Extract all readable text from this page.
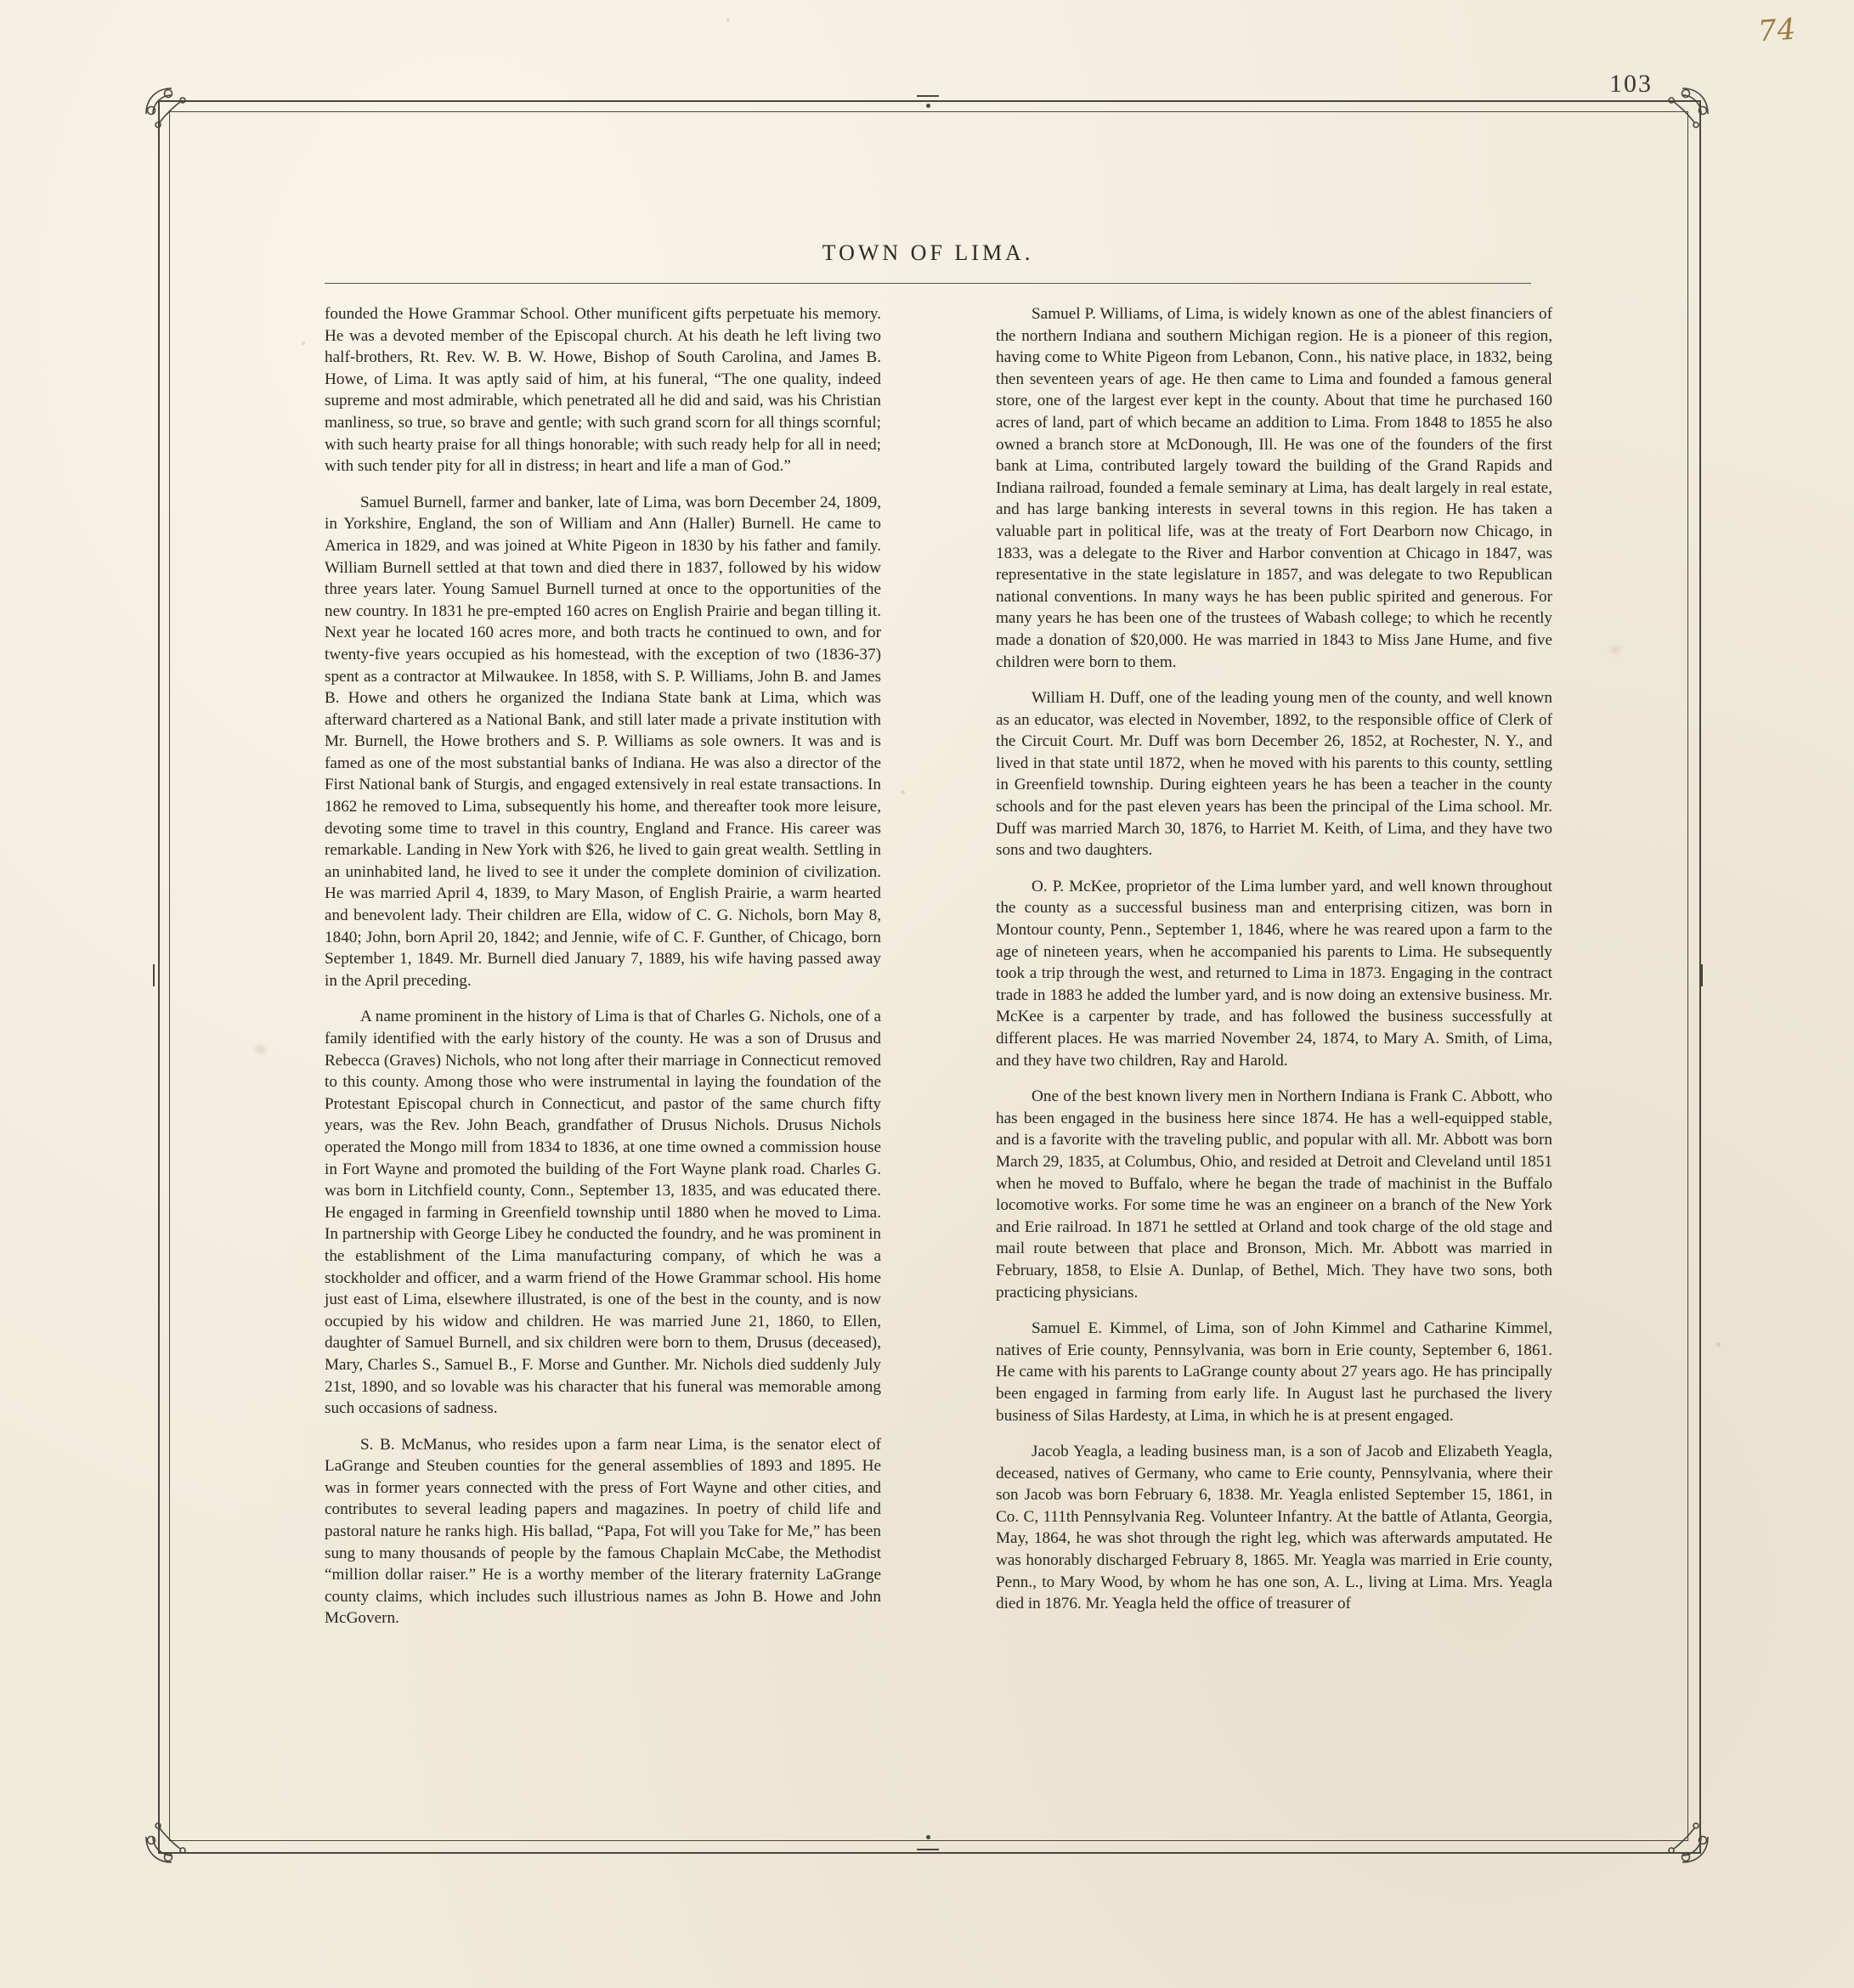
74
103
TOWN OF LIMA.

founded the Howe Grammar School. Other munificent gifts perpetuate his memory. He was a devoted member of the Episcopal church. At his death he left living two half-brothers, Rt. Rev. W. B. W. Howe, Bishop of South Carolina, and James B. Howe, of Lima. It was aptly said of him, at his funeral, “The one quality, indeed supreme and most admirable, which penetrated all he did and said, was his Christian manliness, so true, so brave and gentle; with such grand scorn for all things scornful; with such hearty praise for all things honorable; with such ready help for all in need; with such tender pity for all in distress; in heart and life a man of God.”

Samuel Burnell, farmer and banker, late of Lima, was born December 24, 1809, in Yorkshire, England, the son of William and Ann (Haller) Burnell. He came to America in 1829, and was joined at White Pigeon in 1830 by his father and family. William Burnell settled at that town and died there in 1837, followed by his widow three years later. Young Samuel Burnell turned at once to the opportunities of the new country. In 1831 he pre-empted 160 acres on English Prairie and began tilling it. Next year he located 160 acres more, and both tracts he continued to own, and for twenty-five years occupied as his homestead, with the exception of two (1836-37) spent as a contractor at Milwaukee. In 1858, with S. P. Williams, John B. and James B. Howe and others he organized the Indiana State bank at Lima, which was afterward chartered as a National Bank, and still later made a private institution with Mr. Burnell, the Howe brothers and S. P. Williams as sole owners. It was and is famed as one of the most substantial banks of Indiana. He was also a director of the First National bank of Sturgis, and engaged extensively in real estate transactions. In 1862 he removed to Lima, subsequently his home, and thereafter took more leisure, devoting some time to travel in this country, England and France. His career was remarkable. Landing in New York with $26, he lived to gain great wealth. Settling in an uninhabited land, he lived to see it under the complete dominion of civilization. He was married April 4, 1839, to Mary Mason, of English Prairie, a warm hearted and benevolent lady. Their children are Ella, widow of C. G. Nichols, born May 8, 1840; John, born April 20, 1842; and Jennie, wife of C. F. Gunther, of Chicago, born September 1, 1849. Mr. Burnell died January 7, 1889, his wife having passed away in the April preceding.

A name prominent in the history of Lima is that of Charles G. Nichols, one of a family identified with the early history of the county. He was a son of Drusus and Rebecca (Graves) Nichols, who not long after their marriage in Connecticut removed to this county. Among those who were instrumental in laying the foundation of the Protestant Episcopal church in Connecticut, and pastor of the same church fifty years, was the Rev. John Beach, grandfather of Drusus Nichols. Drusus Nichols operated the Mongo mill from 1834 to 1836, at one time owned a commission house in Fort Wayne and promoted the building of the Fort Wayne plank road. Charles G. was born in Litchfield county, Conn., September 13, 1835, and was educated there. He engaged in farming in Greenfield township until 1880 when he moved to Lima. In partnership with George Libey he conducted the foundry, and he was prominent in the establishment of the Lima manufacturing company, of which he was a stockholder and officer, and a warm friend of the Howe Grammar school. His home just east of Lima, elsewhere illustrated, is one of the best in the county, and is now occupied by his widow and children. He was married June 21, 1860, to Ellen, daughter of Samuel Burnell, and six children were born to them, Drusus (deceased), Mary, Charles S., Samuel B., F. Morse and Gunther. Mr. Nichols died suddenly July 21st, 1890, and so lovable was his character that his funeral was memorable among such occasions of sadness.

S. B. McManus, who resides upon a farm near Lima, is the senator elect of LaGrange and Steuben counties for the general assemblies of 1893 and 1895. He was in former years connected with the press of Fort Wayne and other cities, and contributes to several leading papers and magazines. In poetry of child life and pastoral nature he ranks high. His ballad, “Papa, Fot will you Take for Me,” has been sung to many thousands of people by the famous Chaplain McCabe, the Methodist “million dollar raiser.” He is a worthy member of the literary fraternity LaGrange county claims, which includes such illustrious names as John B. Howe and John McGovern.

Samuel P. Williams, of Lima, is widely known as one of the ablest financiers of the northern Indiana and southern Michigan region. He is a pioneer of this region, having come to White Pigeon from Lebanon, Conn., his native place, in 1832, being then seventeen years of age. He then came to Lima and founded a famous general store, one of the largest ever kept in the county. About that time he purchased 160 acres of land, part of which became an addition to Lima. From 1848 to 1855 he also owned a branch store at McDonough, Ill. He was one of the founders of the first bank at Lima, contributed largely toward the building of the Grand Rapids and Indiana railroad, founded a female seminary at Lima, has dealt largely in real estate, and has large banking interests in several towns in this region. He has taken a valuable part in political life, was at the treaty of Fort Dearborn now Chicago, in 1833, was a delegate to the River and Harbor convention at Chicago in 1847, was representative in the state legislature in 1857, and was delegate to two Republican national conventions. In many ways he has been public spirited and generous. For many years he has been one of the trustees of Wabash college; to which he recently made a donation of $20,000. He was married in 1843 to Miss Jane Hume, and five children were born to them.

William H. Duff, one of the leading young men of the county, and well known as an educator, was elected in November, 1892, to the responsible office of Clerk of the Circuit Court. Mr. Duff was born December 26, 1852, at Rochester, N. Y., and lived in that state until 1872, when he moved with his parents to this county, settling in Greenfield township. During eighteen years he has been a teacher in the county schools and for the past eleven years has been the principal of the Lima school. Mr. Duff was married March 30, 1876, to Harriet M. Keith, of Lima, and they have two sons and two daughters.

O. P. McKee, proprietor of the Lima lumber yard, and well known throughout the county as a successful business man and enterprising citizen, was born in Montour county, Penn., September 1, 1846, where he was reared upon a farm to the age of nineteen years, when he accompanied his parents to Lima. He subsequently took a trip through the west, and returned to Lima in 1873. Engaging in the contract trade in 1883 he added the lumber yard, and is now doing an extensive business. Mr. McKee is a carpenter by trade, and has followed the business successfully at different places. He was married November 24, 1874, to Mary A. Smith, of Lima, and they have two children, Ray and Harold.

One of the best known livery men in Northern Indiana is Frank C. Abbott, who has been engaged in the business here since 1874. He has a well-equipped stable, and is a favorite with the traveling public, and popular with all. Mr. Abbott was born March 29, 1835, at Columbus, Ohio, and resided at Detroit and Cleveland until 1851 when he moved to Buffalo, where he began the trade of machinist in the Buffalo locomotive works. For some time he was an engineer on a branch of the New York and Erie railroad. In 1871 he settled at Orland and took charge of the old stage and mail route between that place and Bronson, Mich. Mr. Abbott was married in February, 1858, to Elsie A. Dunlap, of Bethel, Mich. They have two sons, both practicing physicians.

Samuel E. Kimmel, of Lima, son of John Kimmel and Catharine Kimmel, natives of Erie county, Pennsylvania, was born in Erie county, September 6, 1861. He came with his parents to LaGrange county about 27 years ago. He has principally been engaged in farming from early life. In August last he purchased the livery business of Silas Hardesty, at Lima, in which he is at present engaged.

Jacob Yeagla, a leading business man, is a son of Jacob and Elizabeth Yeagla, deceased, natives of Germany, who came to Erie county, Pennsylvania, where their son Jacob was born February 6, 1838. Mr. Yeagla enlisted September 15, 1861, in Co. C, 111th Pennsylvania Reg. Volunteer Infantry. At the battle of Atlanta, Georgia, May, 1864, he was shot through the right leg, which was afterwards amputated. He was honorably discharged February 8, 1865. Mr. Yeagla was married in Erie county, Penn., to Mary Wood, by whom he has one son, A. L., living at Lima. Mrs. Yeagla died in 1876. Mr. Yeagla held the office of treasurer of
